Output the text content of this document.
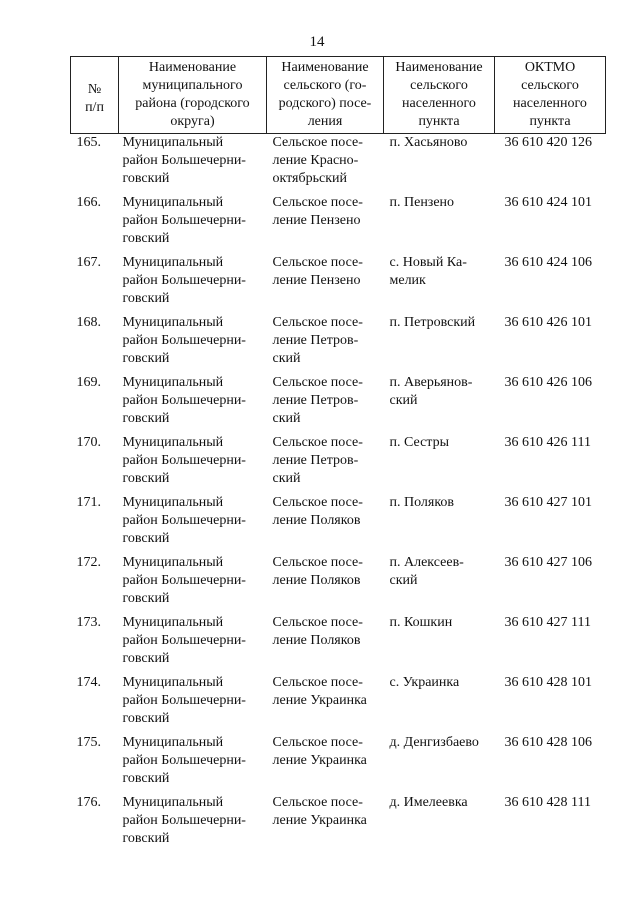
14
№
п/п	Наименование
муниципального
района (городского
округа)	Наименование
сельского (го-
родского) посе-
ления	Наименование
сельского
населенного
пункта	ОКТМО
сельского
населенного
пункта

165.	Муниципальный
район Большечерни-
говский	Сельское посе-
ление Красно-
октябрьский	п. Хасьяново	36 610 420 126
166.	Муниципальный
район Большечерни-
говский	Сельское посе-
ление Пензено	п. Пензено	36 610 424 101
167.	Муниципальный
район Большечерни-
говский	Сельское посе-
ление Пензено	с. Новый Ка-
мелик	36 610 424 106
168.	Муниципальный
район Большечерни-
говский	Сельское посе-
ление Петров-
ский	п. Петровский	36 610 426 101
169.	Муниципальный
район Большечерни-
говский	Сельское посе-
ление Петров-
ский	п. Аверьянов-
ский	36 610 426 106
170.	Муниципальный
район Большечерни-
говский	Сельское посе-
ление Петров-
ский	п. Сестры	36 610 426 111
171.	Муниципальный
район Большечерни-
говский	Сельское посе-
ление Поляков	п. Поляков	36 610 427 101
172.	Муниципальный
район Большечерни-
говский	Сельское посе-
ление Поляков	п. Алексеев-
ский	36 610 427 106
173.	Муниципальный
район Большечерни-
говский	Сельское посе-
ление Поляков	п. Кошкин	36 610 427 111
174.	Муниципальный
район Большечерни-
говский	Сельское посе-
ление Украинка	с. Украинка	36 610 428 101
175.	Муниципальный
район Большечерни-
говский	Сельское посе-
ление Украинка	д. Денгизбаево	36 610 428 106
176.	Муниципальный
район Большечерни-
говский	Сельское посе-
ление Украинка	д. Имелеевка	36 610 428 111
